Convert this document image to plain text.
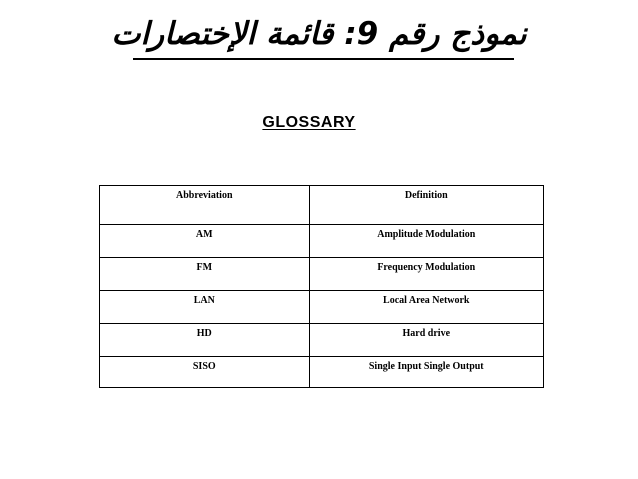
نموذج رقم 9: قائمة الإختصارات
GLOSSARY
Abbreviation	Definition
AM	Amplitude Modulation
FM	Frequency Modulation
LAN	Local Area Network
HD	Hard drive
SISO	Single Input Single Output
